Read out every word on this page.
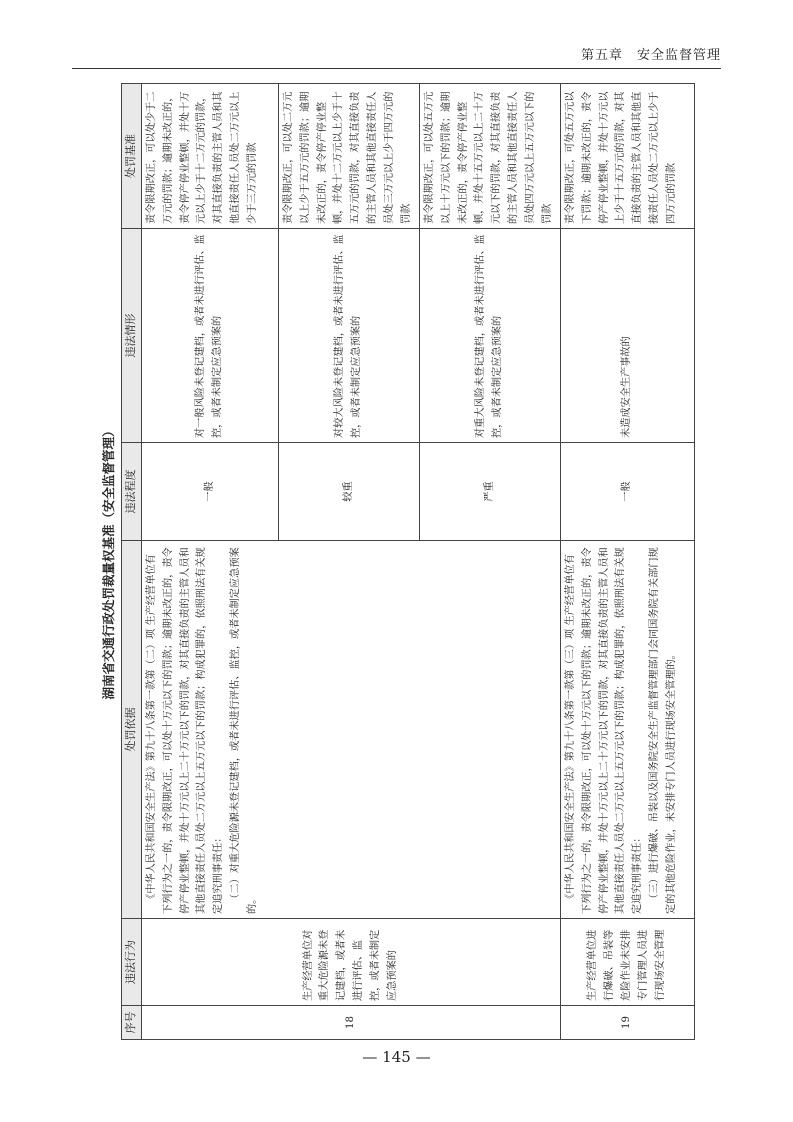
第五章　安全监督管理
湖南省交通行政处罚裁量权基准（安全监督管理）
序号	违法行为	处罚依据	违法程度	违法情形	处罚基准
18	生产经营单位对重大危险源未登记建档，或者未进行评估、监控，或者未制定应急预案的	《中华人民共和国安全生产法》第九十八条第一款第（二）项 生产经营单位有下列行为之一的，责令限期改正，可以处十万元以下的罚款；逾期未改正的，责令停产停业整顿，并处十万元以上二十万元以下的罚款，对其直接负责的主管人员和其他直接责任人员处二万元以上五万元以下的罚款；构成犯罪的，依照刑法有关规定追究刑事责任： （二）对重大危险源未登记建档，或者未进行评估、监控，或者未制定应急预案的。	一般	对一般风险未登记建档，或者未进行评估、监控，或者未制定应急预案的	责令限期改正，可以处少于二万元的罚款；逾期未改正的，责令停产停业整顿，并处十万元以上少于十二万元的罚款，对其直接负责的主管人员和其他直接责任人员处二万元以上少于三万元的罚款
			较重	对较大风险未登记建档，或者未进行评估、监控，或者未制定应急预案的	责令限期改正，可以处二万元以上少于五万元的罚款；逾期未改正的，责令停产停业整顿，并处十二万元以上少于十五万元的罚款，对其直接负责的主管人员和其他直接责任人员处三万元以上少于四万元的罚款
			严重	对重大风险未登记建档，或者未进行评估、监控，或者未制定应急预案的	责令限期改正，可以处五万元以上十万元以下的罚款；逾期未改正的，责令停产停业整顿，并处十五万元以上二十万元以下的罚款，对其直接负责的主管人员和其他直接责任人员处四万元以上五万元以下的罚款
19	生产经营单位进行爆破、吊装等危险作业未安排专门管理人员进行现场安全管理	《中华人民共和国安全生产法》第九十八条第一款第（三）项 生产经营单位有下列行为之一的，责令限期改正，可以处十万元以下的罚款；逾期未改正的，责令停产停业整顿，并处十万元以上二十万元以下的罚款，对其直接负责的主管人员和其他直接责任人员处二万元以上五万元以下的罚款；构成犯罪的，依照刑法有关规定追究刑事责任： （三）进行爆破、吊装以及国务院安全生产监督管理部门会同国务院有关部门规定的其他危险作业，未安排专门人员进行现场安全管理的。	一般	未造成安全生产事故的	责令限期改正，可处五万元以下罚款；逾期未改正的，责令停产停业整顿，并处十万元以上少于十五万元的罚款，对其直接负责的主管人员和其他直接责任人员处二万元以上少于四万元的罚款
— 145 —
